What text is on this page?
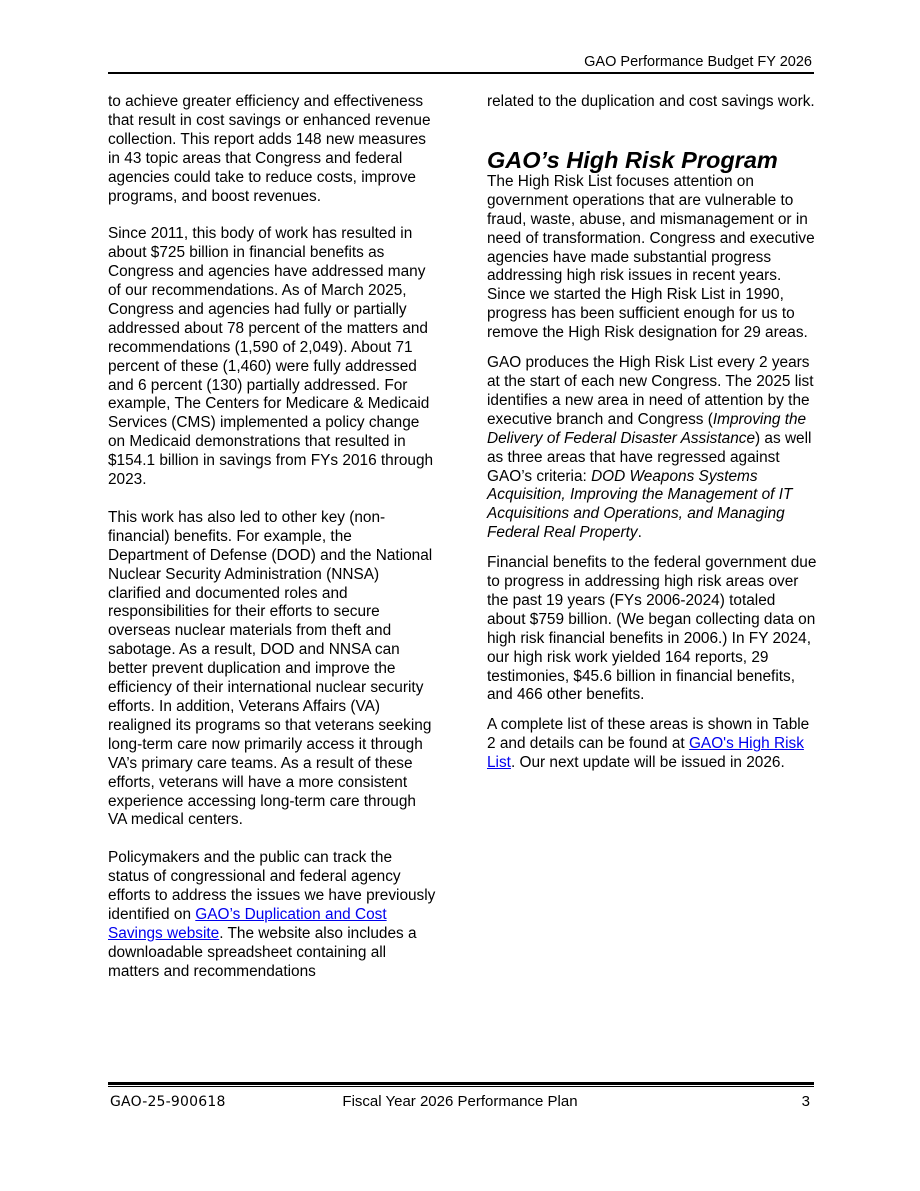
GAO Performance Budget FY 2026

to achieve greater efficiency and effectiveness that result in cost savings or enhanced revenue collection. This report adds 148 new measures in 43 topic areas that Congress and federal agencies could take to reduce costs, improve programs, and boost revenues.

Since 2011, this body of work has resulted in about $725 billion in financial benefits as Congress and agencies have addressed many of our recommendations. As of March 2025, Congress and agencies had fully or partially addressed about 78 percent of the matters and recommendations (1,590 of 2,049). About 71 percent of these (1,460) were fully addressed and 6 percent (130) partially addressed. For example, The Centers for Medicare & Medicaid Services (CMS) implemented a policy change on Medicaid demonstrations that resulted in $154.1 billion in savings from FYs 2016 through 2023.

This work has also led to other key (non-financial) benefits. For example, the Department of Defense (DOD) and the National Nuclear Security Administration (NNSA) clarified and documented roles and responsibilities for their efforts to secure overseas nuclear materials from theft and sabotage. As a result, DOD and NNSA can better prevent duplication and improve the efficiency of their international nuclear security efforts. In addition, Veterans Affairs (VA) realigned its programs so that veterans seeking long-term care now primarily access it through VA’s primary care teams. As a result of these efforts, veterans will have a more consistent experience accessing long-term care through VA medical centers.

Policymakers and the public can track the status of congressional and federal agency efforts to address the issues we have previously identified on GAO’s Duplication and Cost Savings website. The website also includes a downloadable spreadsheet containing all matters and recommendations

related to the duplication and cost savings work.

GAO’s High Risk Program

The High Risk List focuses attention on government operations that are vulnerable to fraud, waste, abuse, and mismanagement or in need of transformation. Congress and executive agencies have made substantial progress addressing high risk issues in recent years. Since we started the High Risk List in 1990, progress has been sufficient enough for us to remove the High Risk designation for 29 areas.

GAO produces the High Risk List every 2 years at the start of each new Congress. The 2025 list identifies a new area in need of attention by the executive branch and Congress (Improving the Delivery of Federal Disaster Assistance) as well as three areas that have regressed against GAO’s criteria: DOD Weapons Systems Acquisition, Improving the Management of IT Acquisitions and Operations, and Managing Federal Real Property.

Financial benefits to the federal government due to progress in addressing high risk areas over the past 19 years (FYs 2006-2024) totaled about $759 billion. (We began collecting data on high risk financial benefits in 2006.) In FY 2024, our high risk work yielded 164 reports, 29 testimonies, $45.6 billion in financial benefits, and 466 other benefits.

A complete list of these areas is shown in Table 2 and details can be found at GAO's High Risk List. Our next update will be issued in 2026.

GAO-25-900618	Fiscal Year 2026 Performance Plan	3
